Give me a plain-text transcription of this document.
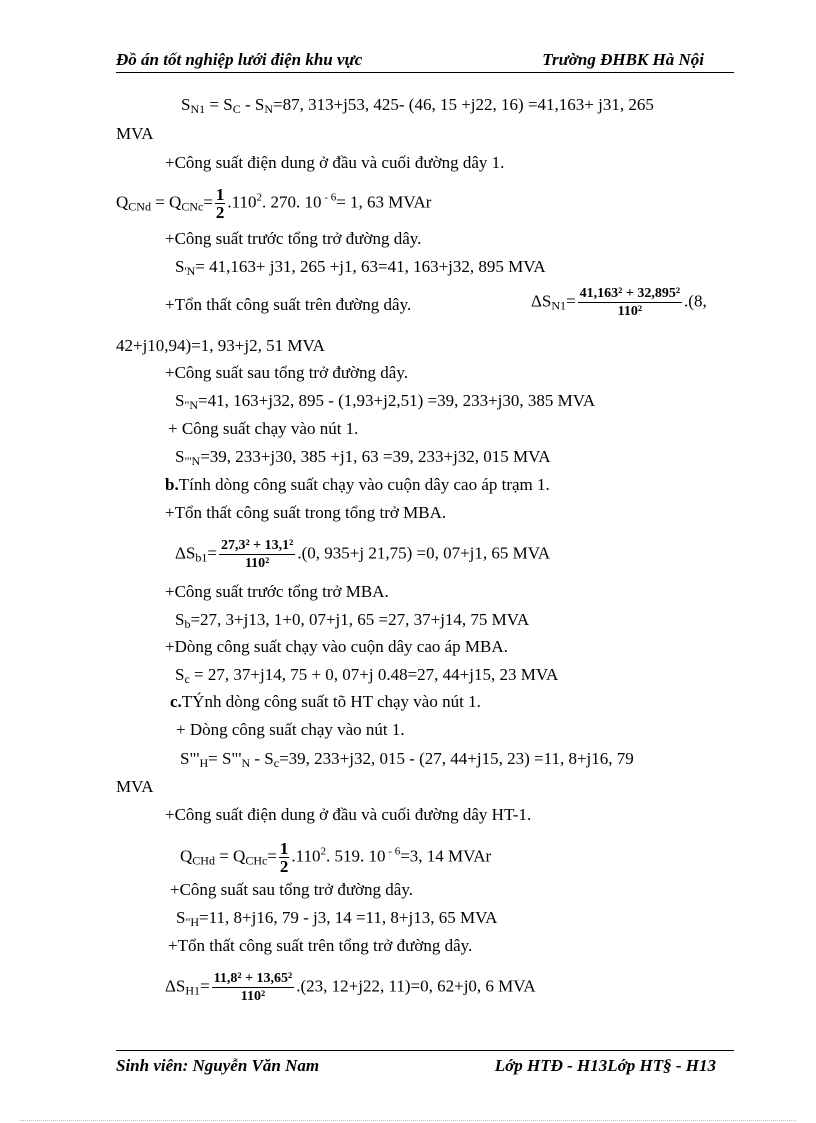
Đồ án tốt nghiệp lưới điện khu vực	Trường ĐHBK Hà Nội
$S_{N1} = S_C - S_N=87$, 313+j53, 425- (46, 15 +j22, 16) =41,163+ j31, 265
MVA
+Công suất điện dung ở đầu và cuối đường dây 1.
$Q_{CNd} = Q_{CNc}= \frac{1}{2} .110^2$. 270. 10 $^{- 6}$= 1, 63 MVAr
+Công suất trước tổng trở đường dây.
$S_{'N}= 41,163+ j31$, 265 +j1, 63=41, 163+j32, 895 MVA
+Tổn thất công suất trên đường dây.	$\Delta S_{N1}= \frac{\text{41,163² + 32,895²}}{\text{110²}} .(8$,
42+j10,94)=1, 93+j2, 51 MVA
+Công suất sau tổng trở đường dây.
$S_{"N}=41$, 163+j32, 895 - (1,93+j2,51) =39, 233+j30, 385 MVA
+ Công suất chạy vào nút 1.
$S_{"'N}=39$, 233+j30, 385 +j1, 63 =39, 233+j32, 015 MVA
b.Tính dòng công suất chạy vào cuộn dây cao áp trạm 1.
+Tổn thất công suất trong tổng trở MBA.
$\Delta S_{b1}= \frac{\text{27,3² + 13,1²}}{\text{110²}} .(0$, 935+j 21,75) =0, 07+j1, 65 MVA
+Công suất trước tổng trở MBA.
$S_b=27$, 3+j13, 1+0, 07+j1, 65 =27, 37+j14, 75 MVA
+Dòng công suất chạy vào cuộn dây cao áp MBA.
$S_c = 27$, 37+j14, 75 + 0, 07+j 0.48=27, 44+j15, 23 MVA
c.TÝnh dòng công suất tõ HT chạy vào nút 1.
+ Dòng công suất chạy vào nút 1.
$S"'_H=$ $S"'_N - S_c=39$, 233+j32, 015 - (27, 44+j15, 23) =11, 8+j16, 79
MVA
+Công suất điện dung ở đầu và cuối đường dây HT-1.
$Q_{CHd} = Q_{CHc}= \frac{1}{2} .110^2$. 519. 10 $^{- 6}$=3, 14 MVAr
+Công suất sau tổng trở đường dây.
$S_{"H}=11$, 8+j16, 79 - j3, 14 =11, 8+j13, 65 MVA
+Tổn thất công suất trên tổng trở đường dây.
$\Delta S_{H1}= \frac{\text{11,8² + 13,65²}}{\text{110²}} .(23$, 12+j22, 11)=0, 62+j0, 6 MVA
Sinh viên: Nguyễn Văn Nam	Lớp HTĐ - H13Lớp HT§ - H13
